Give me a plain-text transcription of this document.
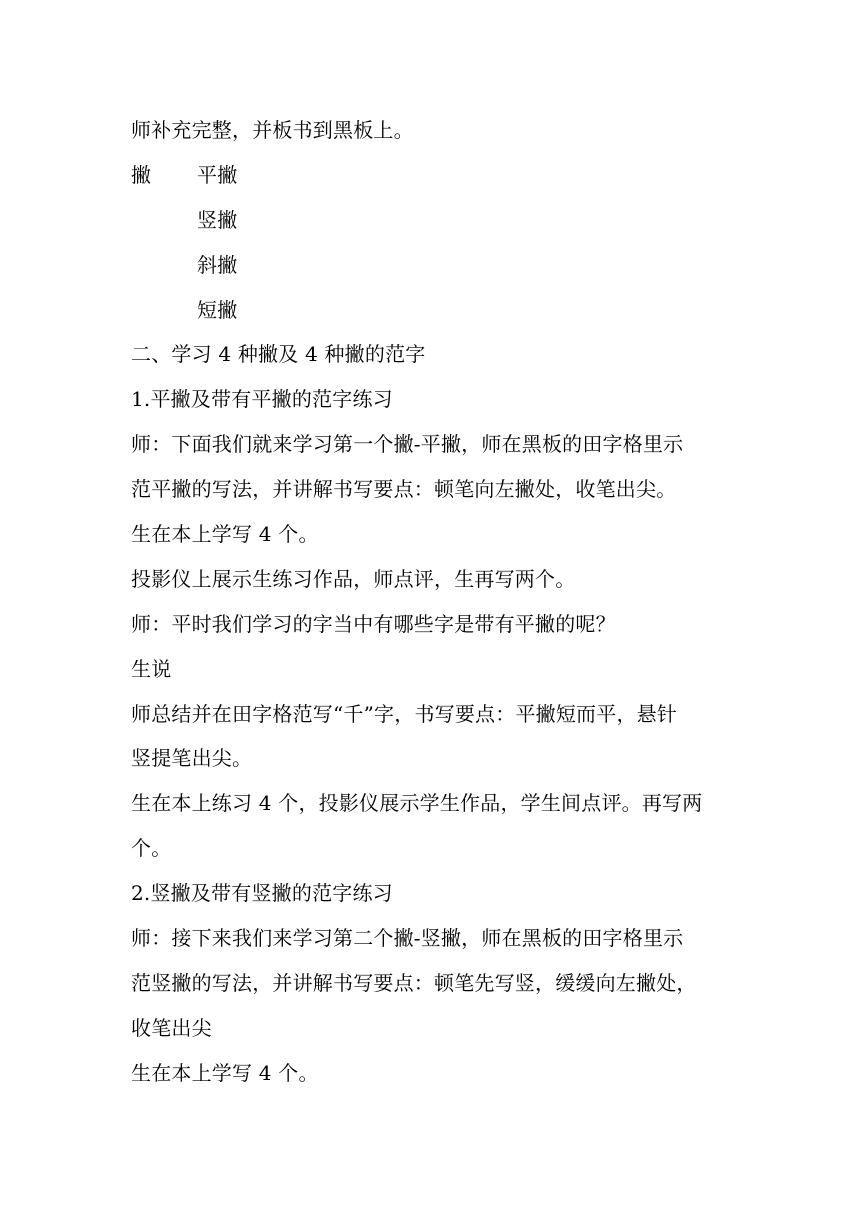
师补充完整，并板书到黑板上。
撇 平撇
竖撇
斜撇
短撇
二、学习 4 种撇及 4 种撇的范字
1.平撇及带有平撇的范字练习
师：下面我们就来学习第一个撇-平撇，师在黑板的田字格里示
范平撇的写法，并讲解书写要点：顿笔向左撇处，收笔出尖。
生在本上学写 4 个。
投影仪上展示生练习作品，师点评，生再写两个。
师：平时我们学习的字当中有哪些字是带有平撇的呢？
生说
师总结并在田字格范写“千”字，书写要点：平撇短而平，悬针
竖提笔出尖。
生在本上练习 4 个，投影仪展示学生作品，学生间点评。再写两
个。
2.竖撇及带有竖撇的范字练习
师：接下来我们来学习第二个撇-竖撇，师在黑板的田字格里示
范竖撇的写法，并讲解书写要点：顿笔先写竖，缓缓向左撇处，
收笔出尖
生在本上学写 4 个。
